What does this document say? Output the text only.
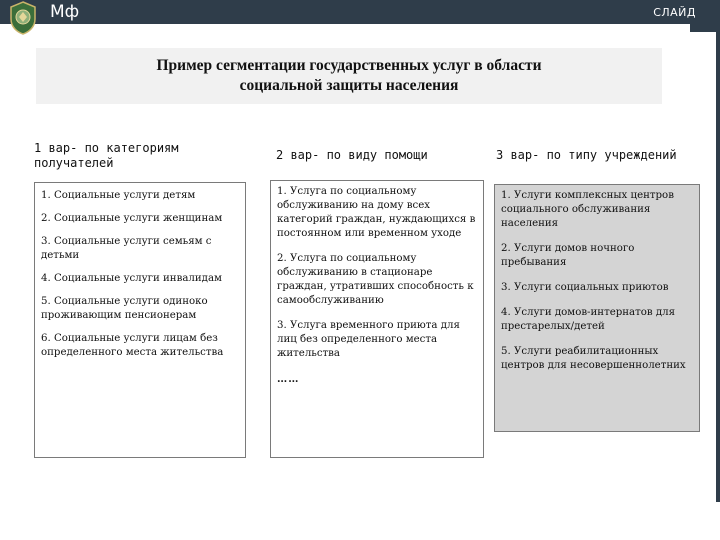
Мф	СЛАЙД
Пример сегментации государственных услуг в области
социальной защиты населения
1 вар- по категориям получателей
2 вар- по виду помощи	3 вар- по типу учреждений
1. Социальные услуги детям
2. Социальные услуги женщинам
3. Социальные услуги семьям с детьми
4. Социальные услуги инвалидам
5. Социальные услуги одиноко проживающим пенсионерам
6. Социальные услуги лицам без определенного места жительства
1. Услуга по социальному обслуживанию на дому всех категорий граждан, нуждающихся в постоянном или временном уходе
2. Услуга по социальному обслуживанию в стационаре граждан, утративших способность к самообслуживанию
3. Услуга временного приюта для лиц без определенного места жительства
……
1. Услуги комплексных центров социального обслуживания населения
2. Услуги домов ночного пребывания
3. Услуги социальных приютов
4. Услуги домов-интернатов для престарелых/детей
5. Услуги реабилитационных центров для несовершеннолетних
